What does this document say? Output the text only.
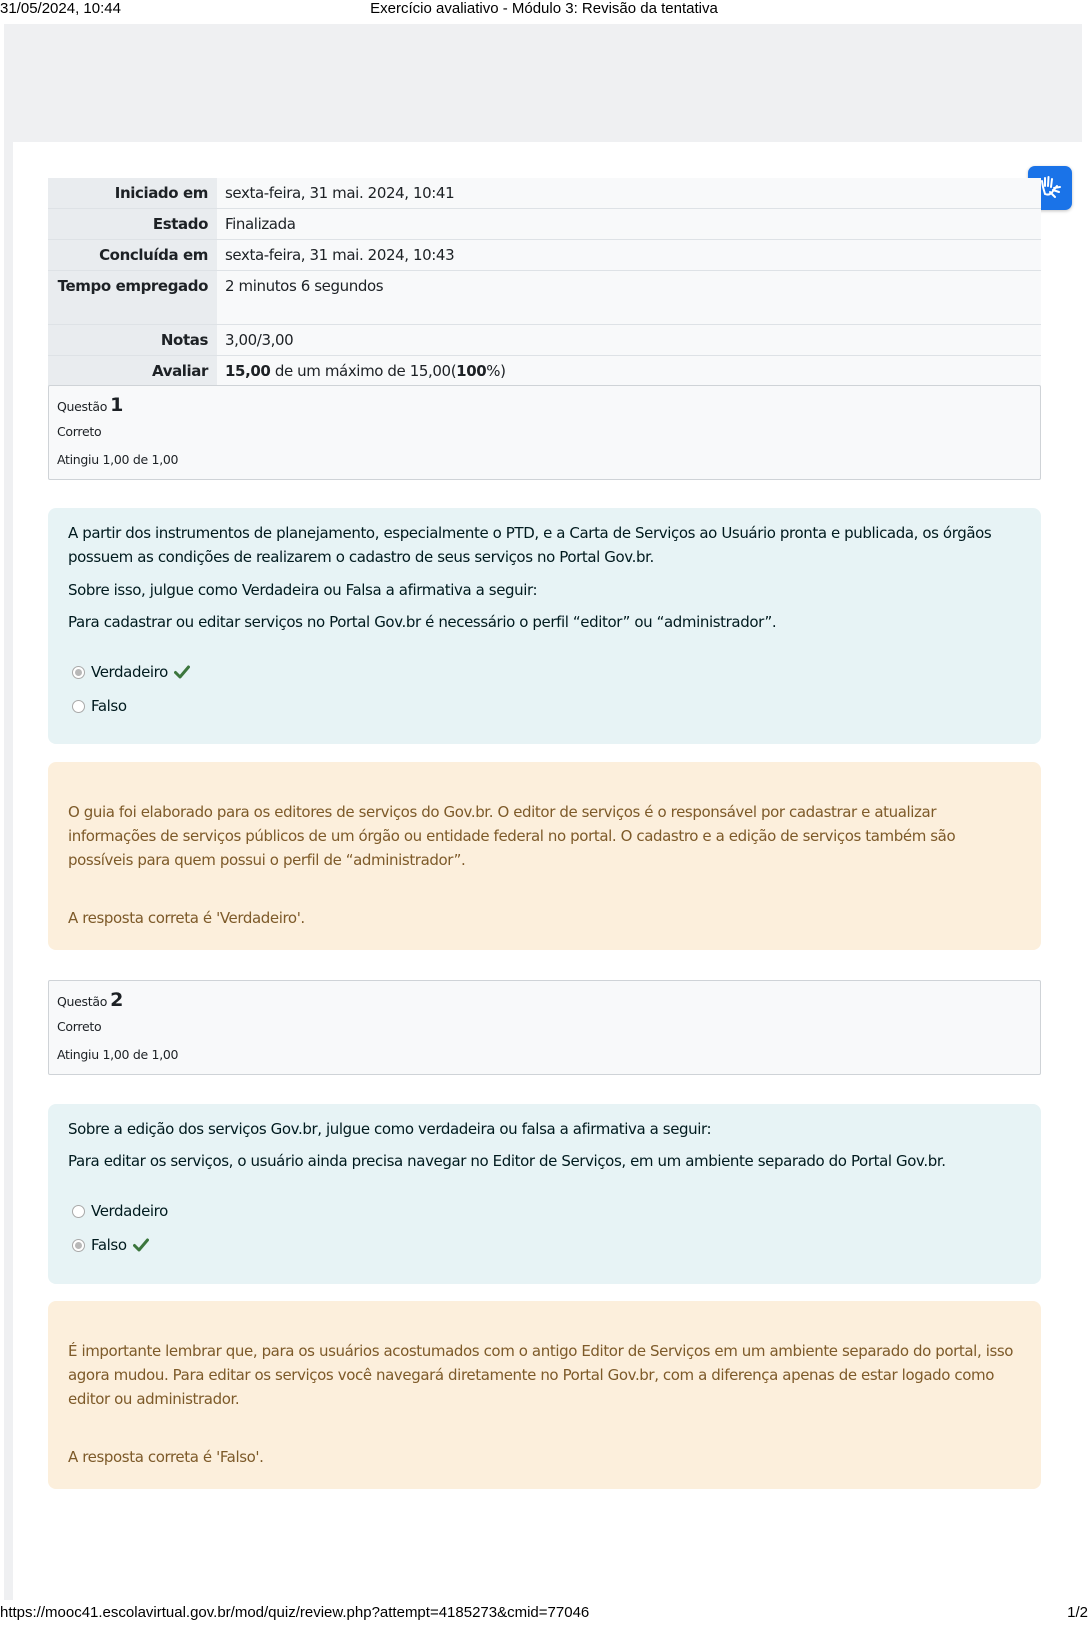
31/05/2024, 10:44	Exercício avaliativo - Módulo 3: Revisão da tentativa
Iniciado em	sexta-feira, 31 mai. 2024, 10:41
Estado	Finalizada
Concluída em	sexta-feira, 31 mai. 2024, 10:43
Tempo empregado	2 minutos 6 segundos
Notas	3,00/3,00
Avaliar	15,00 de um máximo de 15,00(100%)
Questão 1
Correto
Atingiu 1,00 de 1,00

A partir dos instrumentos de planejamento, especialmente o PTD, e a Carta de Serviços ao Usuário pronta e publicada, os órgãos possuem as condições de realizarem o cadastro de seus serviços no Portal Gov.br.

Sobre isso, julgue como Verdadeira ou Falsa a afirmativa a seguir:

Para cadastrar ou editar serviços no Portal Gov.br é necessário o perfil “editor” ou “administrador”.

Verdadeiro
Falso

O guia foi elaborado para os editores de serviços do Gov.br. O editor de serviços é o responsável por cadastrar e atualizar informações de serviços públicos de um órgão ou entidade federal no portal. O cadastro e a edição de serviços também são possíveis para quem possui o perfil de “administrador”.

A resposta correta é 'Verdadeiro'.

Questão 2
Correto
Atingiu 1,00 de 1,00

Sobre a edição dos serviços Gov.br, julgue como verdadeira ou falsa a afirmativa a seguir:

Para editar os serviços, o usuário ainda precisa navegar no Editor de Serviços, em um ambiente separado do Portal Gov.br.

Verdadeiro
Falso

É importante lembrar que, para os usuários acostumados com o antigo Editor de Serviços em um ambiente separado do portal, isso agora mudou. Para editar os serviços você navegará diretamente no Portal Gov.br, com a diferença apenas de estar logado como editor ou administrador.

A resposta correta é 'Falso'.

https://mooc41.escolavirtual.gov.br/mod/quiz/review.php?attempt=4185273&cmid=77046	1/2
